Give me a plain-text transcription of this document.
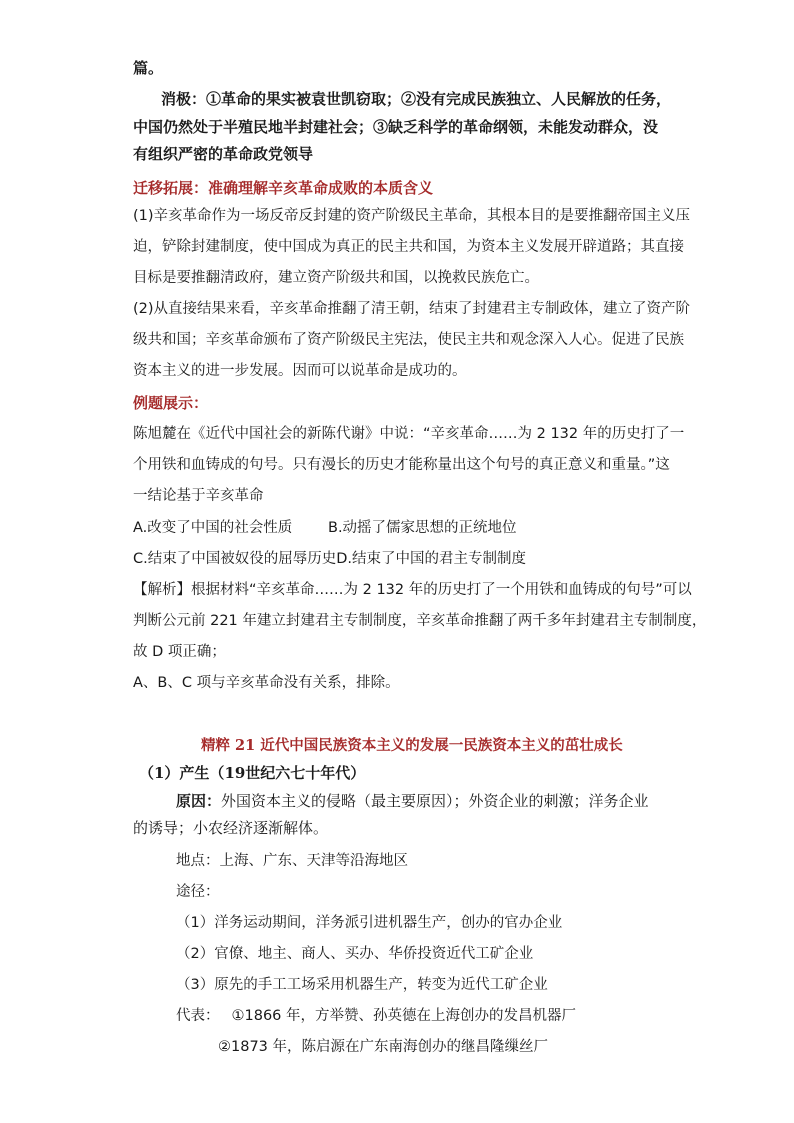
篇。
消极：①革命的果实被袁世凯窃取；②没有完成民族独立、人民解放的任务，
中国仍然处于半殖民地半封建社会；③缺乏科学的革命纲领，未能发动群众，没
有组织严密的革命政党领导
迁移拓展：准确理解辛亥革命成败的本质含义
(1)辛亥革命作为一场反帝反封建的资产阶级民主革命，其根本目的是要推翻帝国主义压
迫，铲除封建制度，使中国成为真正的民主共和国，为资本主义发展开辟道路；其直接
目标是要推翻清政府，建立资产阶级共和国，以挽救民族危亡。
(2)从直接结果来看，辛亥革命推翻了清王朝，结束了封建君主专制政体，建立了资产阶
级共和国；辛亥革命颁布了资产阶级民主宪法，使民主共和观念深入人心。促进了民族
资本主义的进一步发展。因而可以说革命是成功的。
例题展示：
陈旭麓在《近代中国社会的新陈代谢》中说：“辛亥革命……为 2 132 年的历史打了一
个用铁和血铸成的句号。只有漫长的历史才能称量出这个句号的真正意义和重量。”这
一结论基于辛亥革命
A.改变了中国的社会性质 B.动摇了儒家思想的正统地位
C.结束了中国被奴役的屈辱历史D.结束了中国的君主专制制度
【解析】根据材料“辛亥革命……为 2 132 年的历史打了一个用铁和血铸成的句号”可以
判断公元前 221 年建立封建君主专制制度，辛亥革命推翻了两千多年封建君主专制制度，
故 D 项正确；
A、B、C 项与辛亥革命没有关系，排除。
精粹 21 近代中国民族资本主义的发展一民族资本主义的茁壮成长
（1）产生（19世纪六七十年代）
原因：外国资本主义的侵略（最主要原因）；外资企业的刺激；洋务企业
的诱导；小农经济逐渐解体。
地点：上海、广东、天津等沿海地区
途径：
（1）洋务运动期间，洋务派引进机器生产，创办的官办企业
（2）官僚、地主、商人、买办、华侨投资近代工矿企业
（3）原先的手工工场采用机器生产，转变为近代工矿企业
代表： ①1866 年，方举赞、孙英德在上海创办的发昌机器厂
②1873 年，陈启源在广东南海创办的继昌隆缫丝厂
